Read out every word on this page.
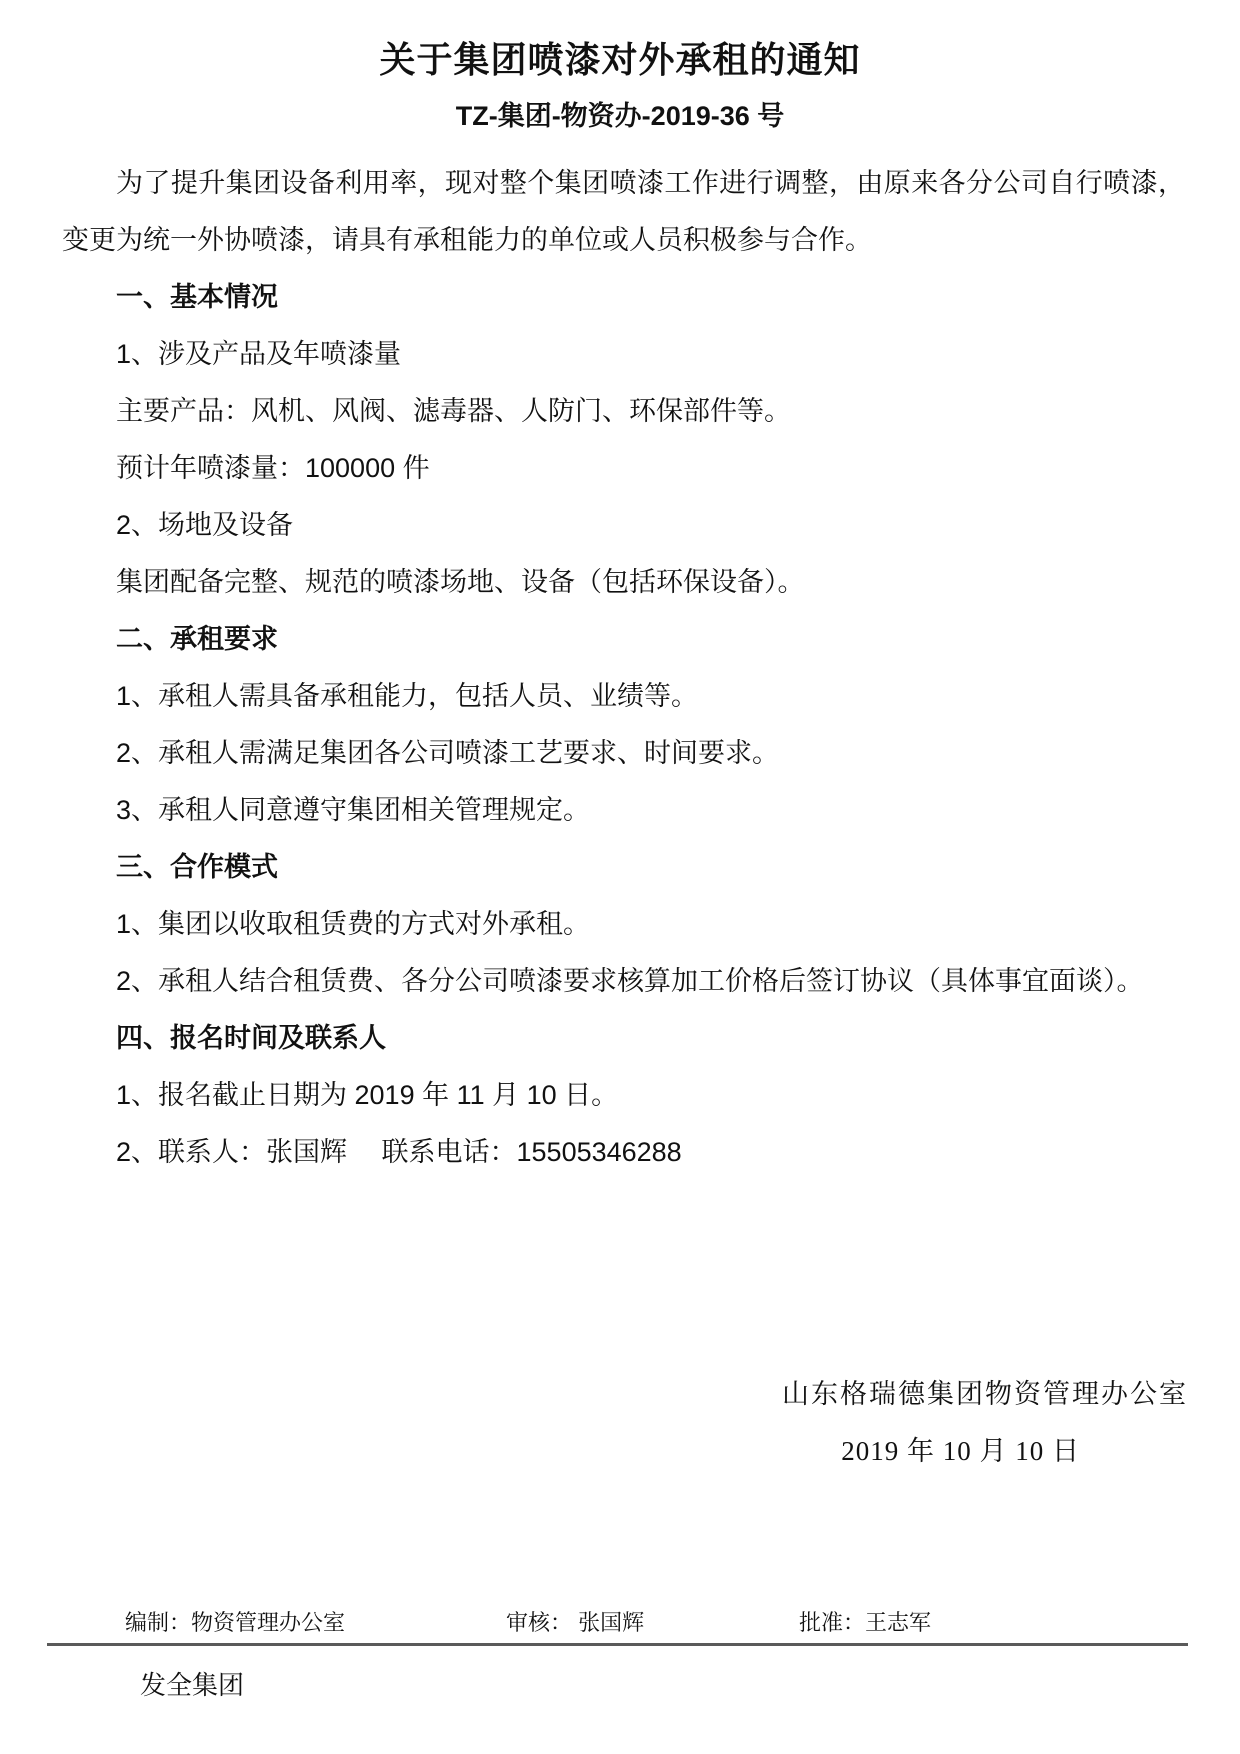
关于集团喷漆对外承租的通知
TZ-集团-物资办-2019-36 号

为了提升集团设备利用率，现对整个集团喷漆工作进行调整，由原来各分公司自行喷漆，变更为统一外协喷漆，请具有承租能力的单位或人员积极参与合作。

一、基本情况

1、涉及产品及年喷漆量

主要产品：风机、风阀、滤毒器、人防门、环保部件等。

预计年喷漆量：100000 件

2、场地及设备

集团配备完整、规范的喷漆场地、设备（包括环保设备）。

二、承租要求

1、承租人需具备承租能力，包括人员、业绩等。

2、承租人需满足集团各公司喷漆工艺要求、时间要求。

3、承租人同意遵守集团相关管理规定。

三、合作模式

1、集团以收取租赁费的方式对外承租。

2、承租人结合租赁费、各分公司喷漆要求核算加工价格后签订协议（具体事宜面谈）。

四、报名时间及联系人

1、报名截止日期为 2019 年 11 月 10 日。

2、联系人：张国辉　 联系电话：15505346288

山东格瑞德集团物资管理办公室
2019 年 10 月 10 日
编制：物资管理办公室	审核： 张国辉	批准：王志军
发全集团
